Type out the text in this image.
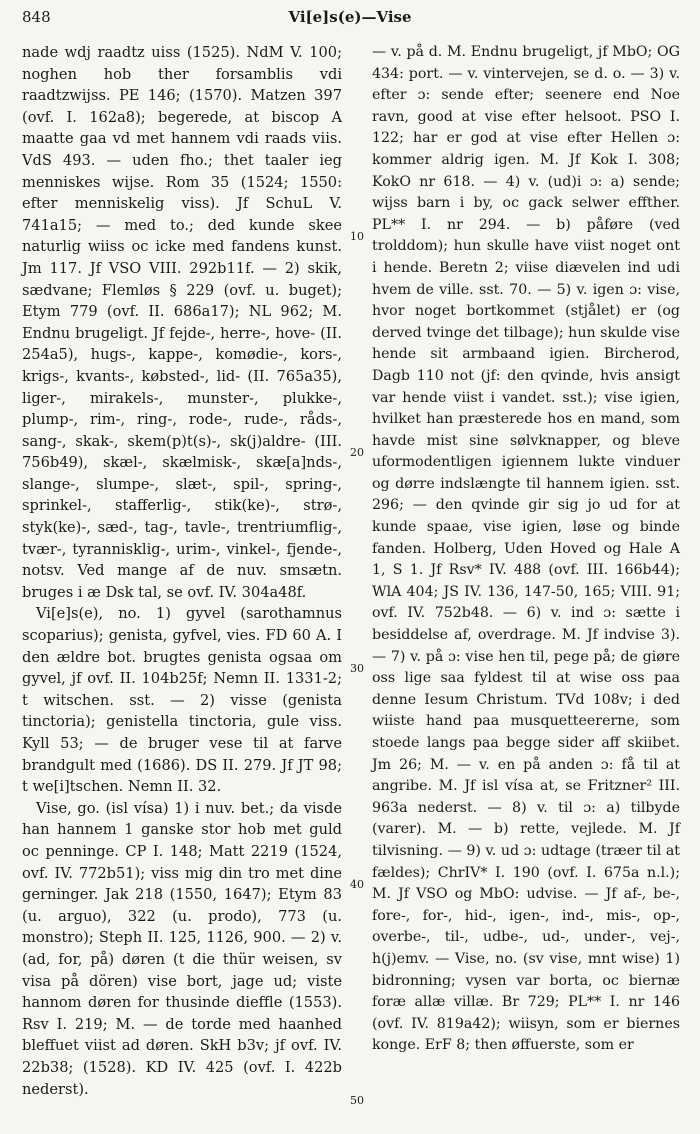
848	Vi[e]s(e)—Vise

nade wdj raadtz uiss (1525). NdM V. 100; noghen hob ther forsamblis vdi raadtzwijss. PE 146; (1570). Matzen 397 (ovf. I. 162a8); begerede, at biscop A maatte gaa vd met hannem vdi raads viis. VdS 493. — uden fho.; thet taaler ieg menniskes wijse. Rom 35 (1524; 1550: efter menniskelig viss). Jf SchuL V. 741a15; — med to.; ded kunde skee naturlig wiiss oc icke med fandens kunst. Jm 117. Jf VSO VIII. 292b11f. — 2) skik, sædvane; Flemløs § 229 (ovf. u. buget); Etym 779 (ovf. II. 686a17); NL 962; M. Endnu brugeligt. Jf fejde-, herre-, hove- (II. 254a5), hugs-, kappe-, komødie-, kors-, krigs-, kvants-, købsted-, lid- (II. 765a35), liger-, mirakels-, munster-, plukke-, plump-, rim-, ring-, rode-, rude-, råds-, sang-, skak-, skem(p)t(s)-, sk(j)aldre- (III. 756b49), skæl-, skælmisk-, skæ[a]nds-, slange-, slumpe-, slæt-, spil-, spring-, sprinkel-, stafferlig-, stik(ke)-, strø-, styk(ke)-, sæd-, tag-, tavle-, trentriumflig-, tvær-, tyrannisklig-, urim-, vinkel-, fjende-, notsv. Ved mange af de nuv. smsætn. bruges i æ Dsk tal, se ovf. IV. 304a48f.

Vi[e]s(e), no. 1) gyvel (sarothamnus scoparius); genista, gyfvel, vies. FD 60 A. I den ældre bot. brugtes genista ogsaa om gyvel, jf ovf. II. 104b25f; Nemn II. 1331-2; t witschen. sst. — 2) visse (genista tinctoria); genistella tinctoria, gule viss. Kyll 53; — de bruger vese til at farve brandgult med (1686). DS II. 279. Jf JT 98; t we[i]tschen. Nemn II. 32.

Vise, go. (isl vísa) 1) i nuv. bet.; da visde han hannem 1 ganske stor hob met guld oc penninge. CP I. 148; Matt 2219 (1524, ovf. IV. 772b51); viss mig din tro met dine gerninger. Jak 218 (1550, 1647); Etym 83 (u. arguo), 322 (u. prodo), 773 (u. monstro); Steph II. 125, 1126, 900. — 2) v. (ad, for, på) døren (t die thür weisen, sv visa på dören) vise bort, jage ud; viste hannom døren for thusinde dieffle (1553). Rsv I. 219; M. — de torde med haanhed bleffuet viist ad døren. SkH b3v; jf ovf. IV. 22b38; (1528). KD IV. 425 (ovf. I. 422b nederst).

10
20
30
40
50

— v. på d. M. Endnu brugeligt, jf MbO; OG 434: port. — v. vintervejen, se d. o. — 3) v. efter ɔ: sende efter; seenere end Noe ravn, good at vise efter helsoot. PSO I. 122; har er god at vise efter Hellen ɔ: kommer aldrig igen. M. Jf Kok I. 308; KokO nr 618. — 4) v. (ud)i ɔ: a) sende; wijss barn i by, oc gack selwer effther. PL** I. nr 294. — b) påføre (ved trolddom); hun skulle have viist noget ont i hende. Beretn 2; viise diævelen ind udi hvem de ville. sst. 70. — 5) v. igen ɔ: vise, hvor noget bortkommet (stjålet) er (og derved tvinge det tilbage); hun skulde vise hende sit armbaand igien. Bircherod, Dagb 110 not (jf: den qvinde, hvis ansigt var hende viist i vandet. sst.); vise igien, hvilket han præsterede hos en mand, som havde mist sine sølvknapper, og bleve uformodentligen igiennem lukte vinduer og dørre indslængte til hannem igien. sst. 296; — den qvinde gir sig jo ud for at kunde spaae, vise igien, løse og binde fanden. Holberg, Uden Hoved og Hale A 1, S 1. Jf Rsv* IV. 488 (ovf. III. 166b44); WlA 404; JS IV. 136, 147-50, 165; VIII. 91; ovf. IV. 752b48. — 6) v. ind ɔ: sætte i besiddelse af, overdrage. M. Jf indvise 3). — 7) v. på ɔ: vise hen til, pege på; de giøre oss lige saa fyldest til at wise oss paa denne Iesum Christum. TVd 108v; i ded wiiste hand paa musquetteererne, som stoede langs paa begge sider aff skiibet. Jm 26; M. — v. en på anden ɔ: få til at angribe. M. Jf isl vísa at, se Fritzner² III. 963a nederst. — 8) v. til ɔ: a) tilbyde (varer). M. — b) rette, vejlede. M. Jf tilvisning. — 9) v. ud ɔ: udtage (træer til at fældes); ChrIV* I. 190 (ovf. I. 675a n.l.); M. Jf VSO og MbO: udvise. — Jf af-, be-, fore-, for-, hid-, igen-, ind-, mis-, op-, overbe-, til-, udbe-, ud-, under-, vej-, h(j)emv. — Vise, no. (sv vise, mnt wise) 1) bidronning; vysen var borta, oc biernæ foræ allæ villæ. Br 729; PL** I. nr 146 (ovf. IV. 819a42); wiisyn, som er biernes konge. ErF 8; then øffuerste, som er
